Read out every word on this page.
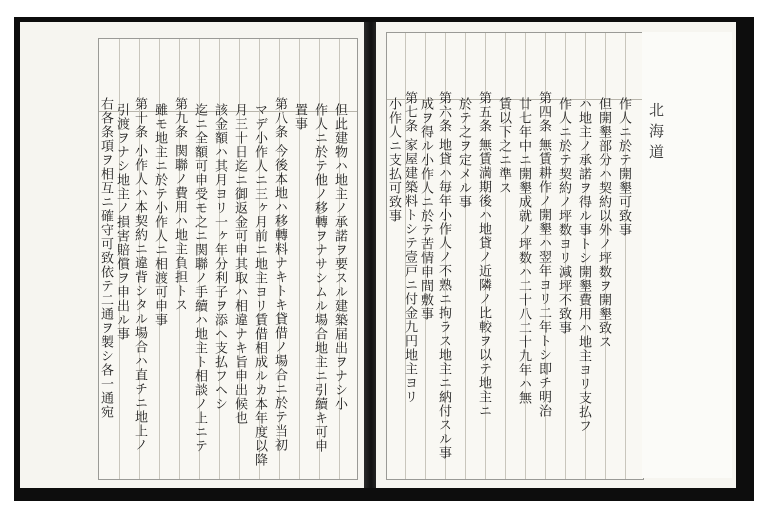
但此建物ハ地主ノ承諾ヲ要スル建築届出ヲナシ小
作人ニ於テ他ノ移轉ヲナサシムル場合地主ニ引續キ可申
置事
第八条 今後本地ハ移轉料ナキトキ貸借ノ場合ニ於テ当初
マデ小作人ニ三ヶ月前ニ地主ヨリ賃借相成ルカ本年度以降
月三十日迄ニ御返金可申其取ハ相違ナキ旨申出候也
該金額ハ其月ヨリ一ヶ年分利子ヲ添ヘ支払フヘシ
迄ニ全額可申受モ之ニ関聯ノ手續ハ地主ト相談ノ上ニテ
第九条 関聯ノ費用ハ地主負担トス
雖モ地主ニ於テ小作人ニ相渡可申事
第十条 小作人ハ本契約ニ違背シタル場合ハ直チニ地上ノ
引渡ヲナシ地主ノ損害賠償ヲ申出ル事
右各条項ヲ相互ニ確守可致依テ二通ヲ製シ各一通宛	作人ニ於テ開墾可致事
但開墾部分ハ契約以外ノ坪数ヲ開墾致ス
ハ地主ノ承諾ヲ得ル事トシ開墾費用ハ地主ヨリ支払フ
作人ニ於テ契約ノ坪数ヨリ減坪不致事
第四条 無賃耕作ノ開墾ハ翌年ヨリ二年トシ即チ明治
廿七年中ニ開墾成就ノ坪数ハ二十八二十九年ハ無
賃以下之ニ準ス
第五条 無賃満期後ハ地貸ノ近隣ノ比較ヲ以テ地主ニ
於テ之ヲ定メル事
第六条 地貸ハ毎年小作人ノ不熟ニ拘ラス地主ニ納付スル事
成ヲ得ル小作人ニ於テ苦情申間敷事
第七条 家屋建築料トシテ壹戸ニ付金九円地主ヨリ
小作人ニ支払可致事	北海道
